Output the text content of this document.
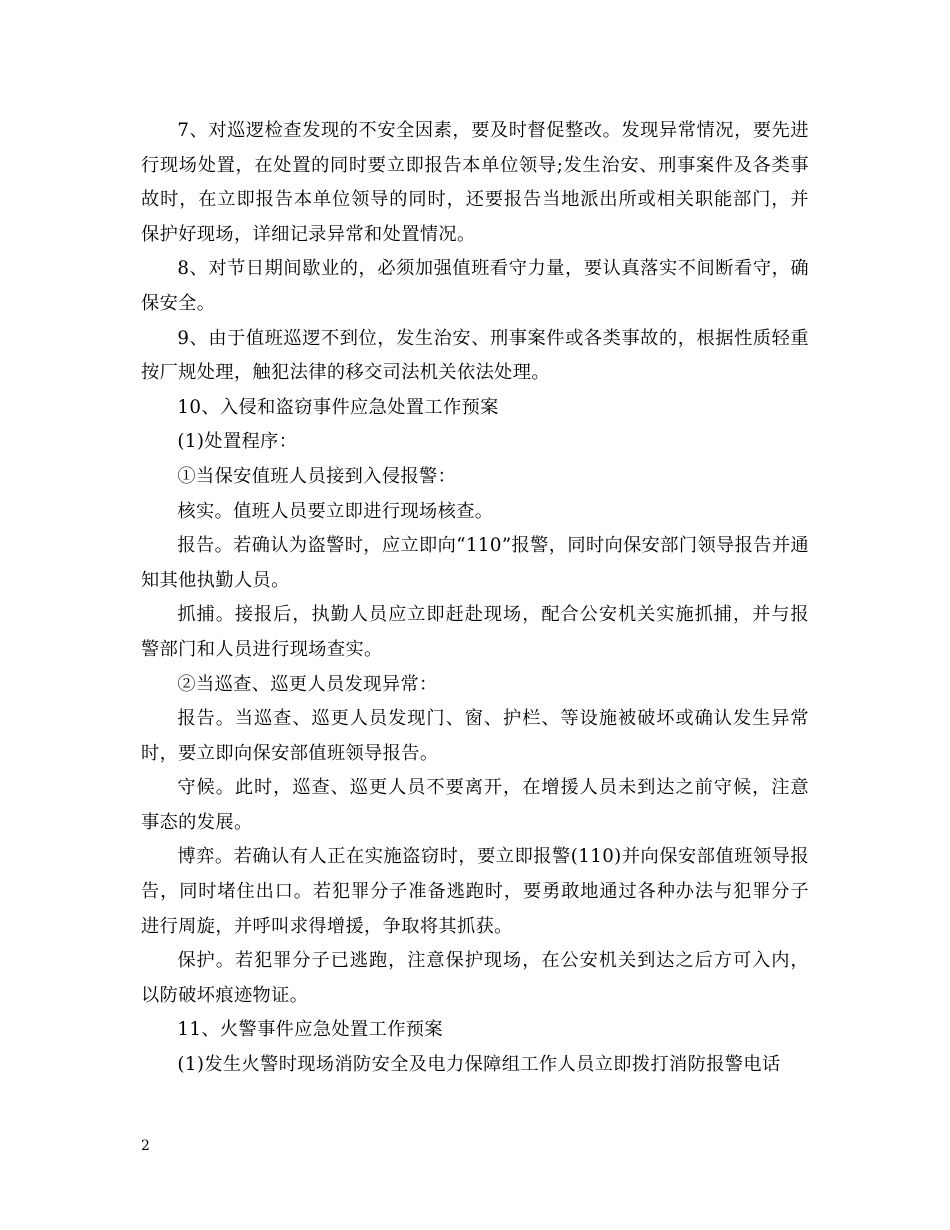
7、对巡逻检查发现的不安全因素，要及时督促整改。发现异常情况，要先进行现场处置，在处置的同时要立即报告本单位领导;发生治安、刑事案件及各类事故时，在立即报告本单位领导的同时，还要报告当地派出所或相关职能部门，并保护好现场，详细记录异常和处置情况。

8、对节日期间歇业的，必须加强值班看守力量，要认真落实不间断看守，确保安全。

9、由于值班巡逻不到位，发生治安、刑事案件或各类事故的，根据性质轻重按厂规处理，触犯法律的移交司法机关依法处理。

10、入侵和盗窃事件应急处置工作预案

(1)处置程序：

①当保安值班人员接到入侵报警：

核实。值班人员要立即进行现场核查。

报告。若确认为盗警时，应立即向“110”报警，同时向保安部门领导报告并通知其他执勤人员。

抓捕。接报后，执勤人员应立即赶赴现场，配合公安机关实施抓捕，并与报警部门和人员进行现场查实。

②当巡查、巡更人员发现异常：

报告。当巡查、巡更人员发现门、窗、护栏、等设施被破坏或确认发生异常时，要立即向保安部值班领导报告。

守候。此时，巡查、巡更人员不要离开，在增援人员未到达之前守候，注意事态的发展。

博弈。若确认有人正在实施盗窃时，要立即报警(110)并向保安部值班领导报告，同时堵住出口。若犯罪分子准备逃跑时，要勇敢地通过各种办法与犯罪分子进行周旋，并呼叫求得增援，争取将其抓获。

保护。若犯罪分子已逃跑，注意保护现场，在公安机关到达之后方可入内，以防破坏痕迹物证。

11、火警事件应急处置工作预案

(1)发生火警时现场消防安全及电力保障组工作人员立即拨打消防报警电话

2
